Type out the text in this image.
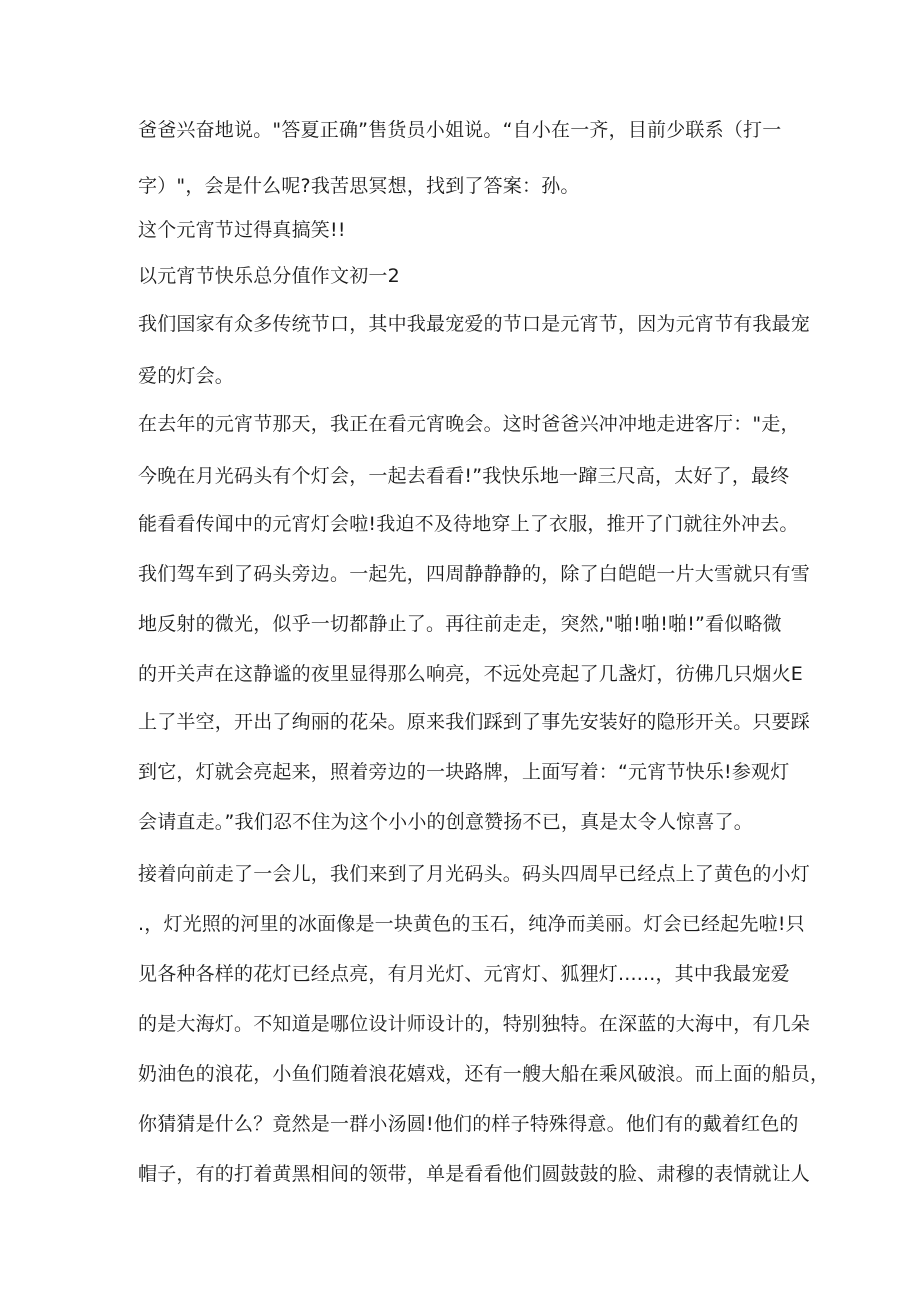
爸爸兴奋地说。"答夏正确”售货员小姐说。“自小在一齐，目前少联系（打一
字）"，会是什么呢?我苦思冥想，找到了答案：孙。
这个元宵节过得真搞笑!!
以元宵节快乐总分值作文初一2
我们国家有众多传统节口，其中我最宠爱的节口是元宵节，因为元宵节有我最宠
爱的灯会。
在去年的元宵节那天，我正在看元宵晚会。这时爸爸兴冲冲地走进客厅："走，
今晚在月光码头有个灯会，一起去看看!”我快乐地一蹿三尺高，太好了，最终
能看看传闻中的元宵灯会啦!我迫不及待地穿上了衣服，推开了门就往外冲去。
我们驾车到了码头旁边。一起先，四周静静静的，除了白皑皑一片大雪就只有雪
地反射的微光，似乎一切都静止了。再往前走走，突然,"啪!啪!啪!”看似略微
的开关声在这静谧的夜里显得那么响亮，不远处亮起了几盏灯，彷佛几只烟火E
上了半空，开出了绚丽的花朵。原来我们踩到了事先安装好的隐形开关。只要踩
到它，灯就会亮起来，照着旁边的一块路牌，上面写着：“元宵节快乐!参观灯
会请直走。”我们忍不住为这个小小的创意赞扬不已，真是太令人惊喜了。
接着向前走了一会儿，我们来到了月光码头。码头四周早已经点上了黄色的小灯
.，灯光照的河里的冰面像是一块黄色的玉石，纯净而美丽。灯会已经起先啦!只
见各种各样的花灯已经点亮，有月光灯、元宵灯、狐狸灯......，其中我最宠爱
的是大海灯。不知道是哪位设计师设计的，特别独特。在深蓝的大海中，有几朵
奶油色的浪花，小鱼们随着浪花嬉戏，还有一艘大船在乘风破浪。而上面的船员，
你猜猜是什么？竟然是一群小汤圆!他们的样子特殊得意。他们有的戴着红色的
帽子，有的打着黄黑相间的领带，单是看看他们圆鼓鼓的脸、肃穆的表情就让人
